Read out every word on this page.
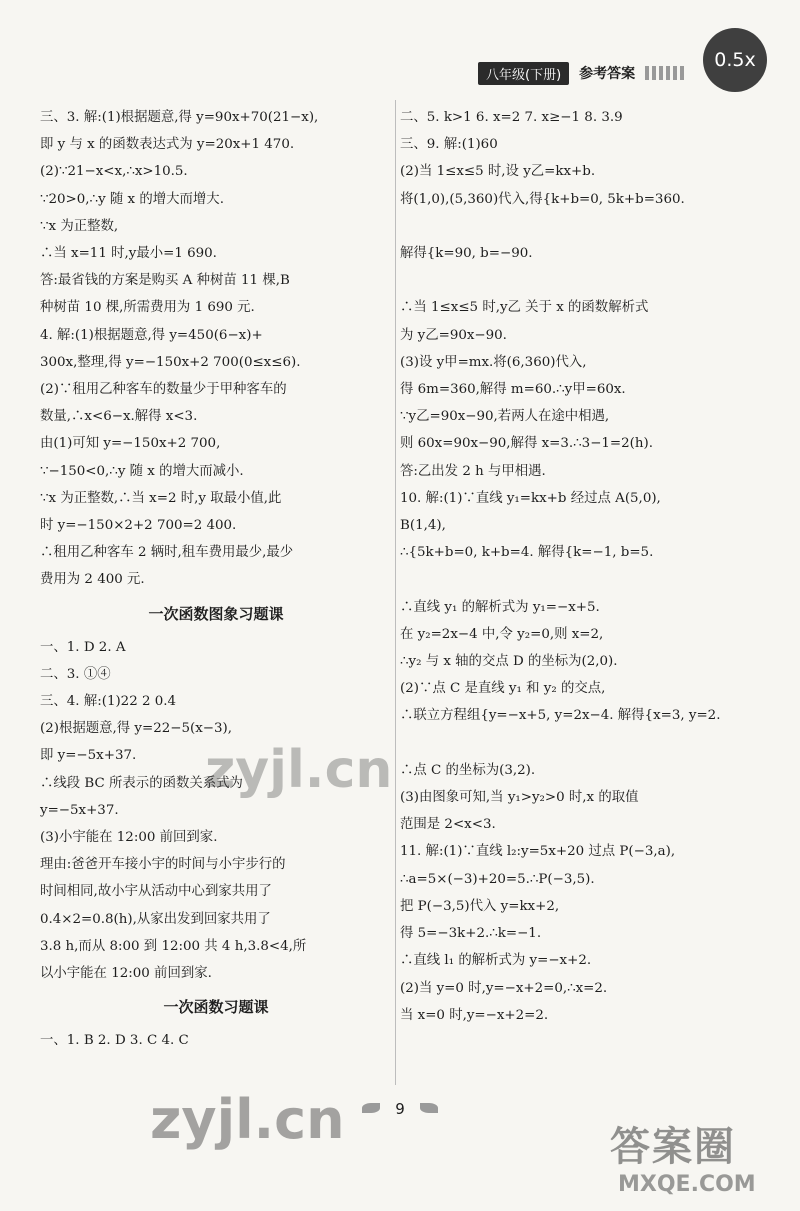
八年级(下册)	参考答案
0.5x
三、3. 解:(1)根据题意,得 y=90x+70(21−x),
即 y 与 x 的函数表达式为 y=20x+1 470.
(2)∵21−x<x,∴x>10.5.
∵20>0,∴y 随 x 的增大而增大.
∵x 为正整数,
∴当 x=11 时,y最小=1 690.
答:最省钱的方案是购买 A 种树苗 11 棵,B
种树苗 10 棵,所需费用为 1 690 元.
4. 解:(1)根据题意,得 y=450(6−x)+
300x,整理,得 y=−150x+2 700(0≤x≤6).
(2)∵租用乙种客车的数量少于甲种客车的
数量,∴x<6−x.解得 x<3.
由(1)可知 y=−150x+2 700,
∵−150<0,∴y 随 x 的增大而减小.
∵x 为正整数,∴当 x=2 时,y 取最小值,此
时 y=−150×2+2 700=2 400.
∴租用乙种客车 2 辆时,租车费用最少,最少
费用为 2 400 元.
一次函数图象习题课
一、1. D 2. A
二、3. ①④
三、4. 解:(1)22 2 0.4
(2)根据题意,得 y=22−5(x−3),
即 y=−5x+37.
∴线段 BC 所表示的函数关系式为
y=−5x+37.
(3)小宇能在 12:00 前回到家.
理由:爸爸开车接小宇的时间与小宇步行的
时间相同,故小宇从活动中心到家共用了
0.4×2=0.8(h),从家出发到回家共用了
3.8 h,而从 8:00 到 12:00 共 4 h,3.8<4,所
以小宇能在 12:00 前回到家.
一次函数习题课
一、1. B 2. D 3. C 4. C
二、5. k>1 6. x=2 7. x≥−1 8. 3.9
三、9. 解:(1)60
(2)当 1≤x≤5 时,设 y乙=kx+b.
将(1,0),(5,360)代入,得{k+b=0, 5k+b=360.

解得{k=90, b=−90.

∴当 1≤x≤5 时,y乙 关于 x 的函数解析式
为 y乙=90x−90.
(3)设 y甲=mx.将(6,360)代入,
得 6m=360,解得 m=60.∴y甲=60x.
∵y乙=90x−90,若两人在途中相遇,
则 60x=90x−90,解得 x=3.∴3−1=2(h).
答:乙出发 2 h 与甲相遇.
10. 解:(1)∵直线 y₁=kx+b 经过点 A(5,0),
B(1,4),
∴{5k+b=0, k+b=4. 解得{k=−1, b=5.

∴直线 y₁ 的解析式为 y₁=−x+5.
在 y₂=2x−4 中,令 y₂=0,则 x=2,
∴y₂ 与 x 轴的交点 D 的坐标为(2,0).
(2)∵点 C 是直线 y₁ 和 y₂ 的交点,
∴联立方程组{y=−x+5, y=2x−4. 解得{x=3, y=2.

∴点 C 的坐标为(3,2).
(3)由图象可知,当 y₁>y₂>0 时,x 的取值
范围是 2<x<3.
11. 解:(1)∵直线 l₂:y=5x+20 过点 P(−3,a),
∴a=5×(−3)+20=5.∴P(−3,5).
把 P(−3,5)代入 y=kx+2,
得 5=−3k+2.∴k=−1.
∴直线 l₁ 的解析式为 y=−x+2.
(2)当 y=0 时,y=−x+2=0,∴x=2.
当 x=0 时,y=−x+2=2.
9
zyjl.cn
zyjl.cn	答案圈
MXQE.COM
